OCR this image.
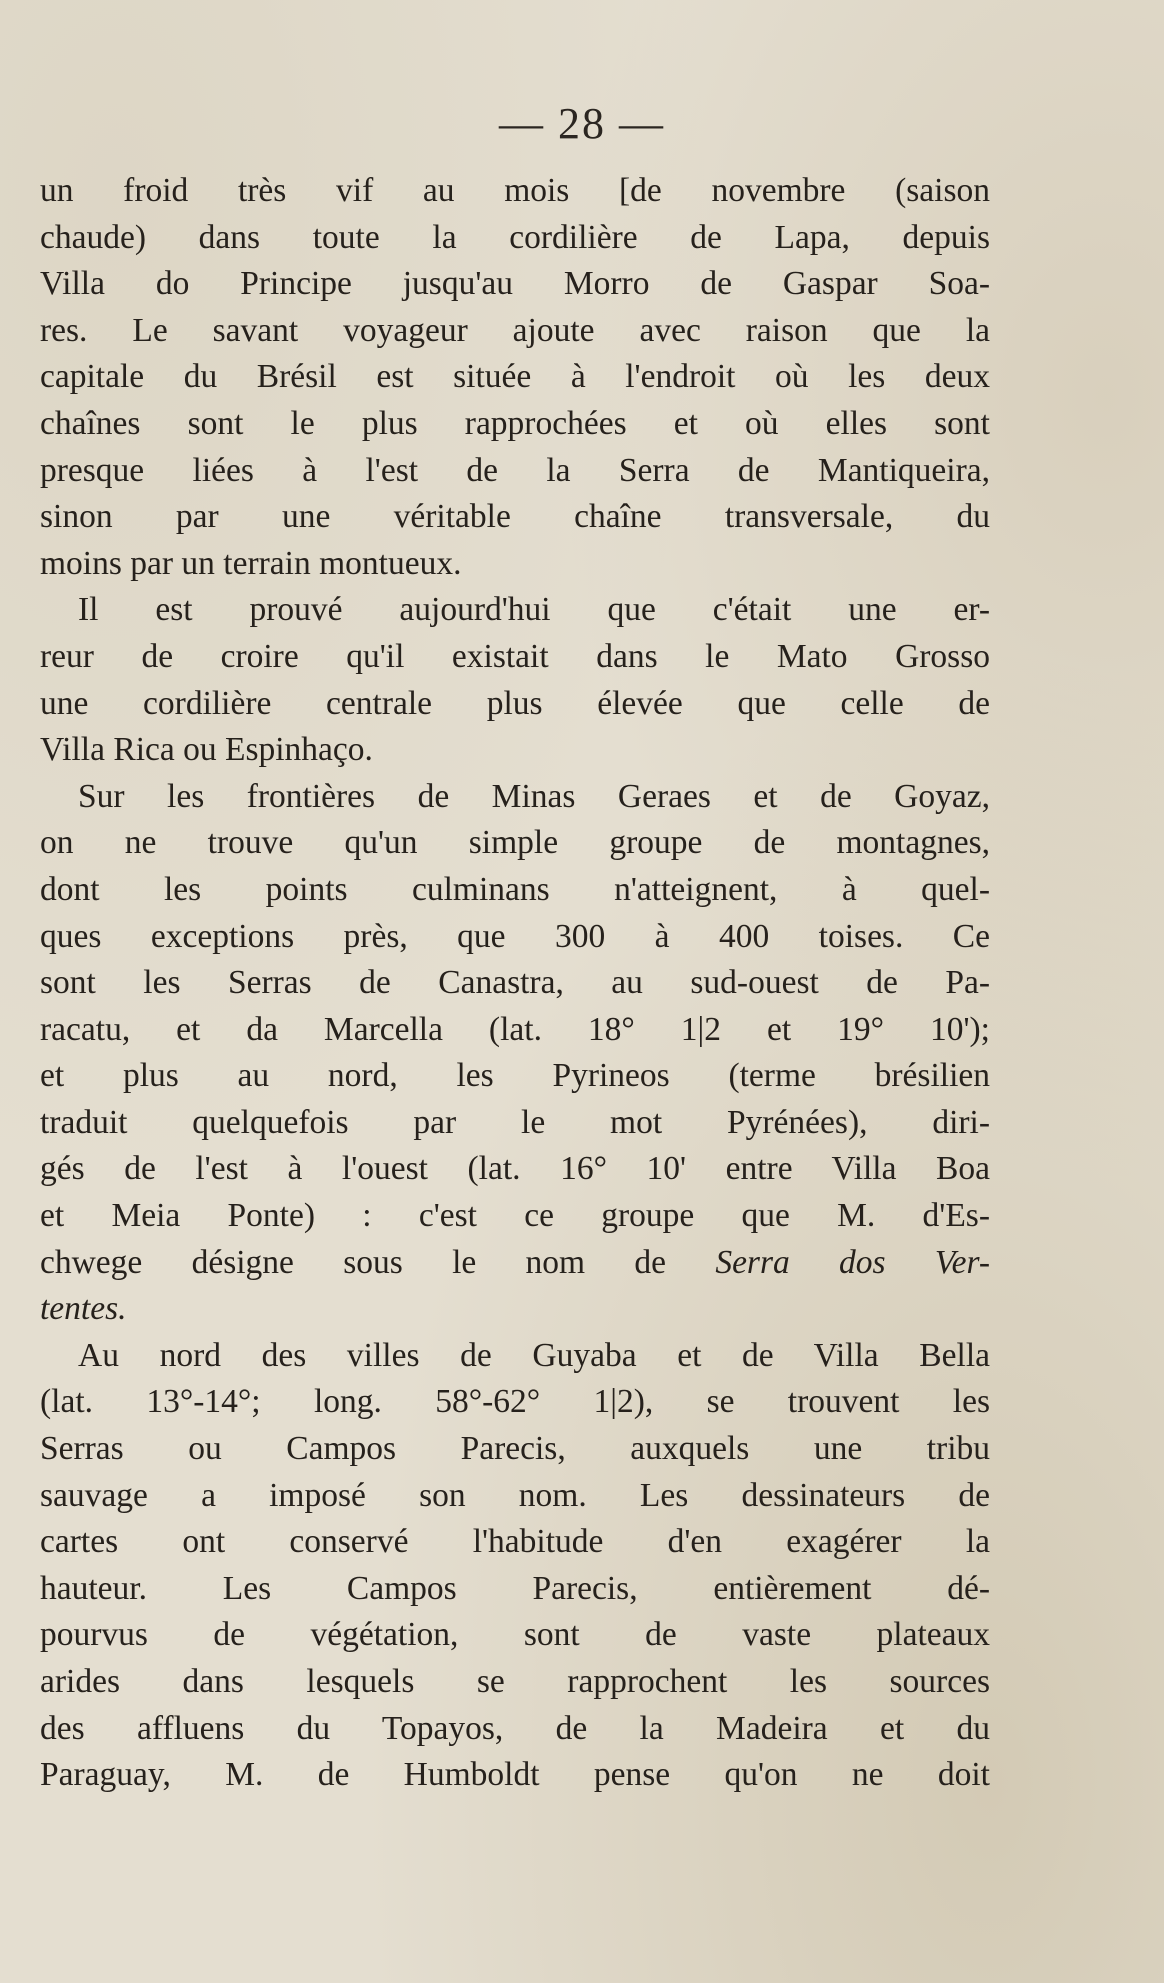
— 28 —
un froid très vif au mois [de novembre (saison
chaude) dans toute la cordilière de Lapa, depuis
Villa do Principe jusqu'au Morro de Gaspar Soa-
res. Le savant voyageur ajoute avec raison que la
capitale du Brésil est située à l'endroit où les deux
chaînes sont le plus rapprochées et où elles sont
presque liées à l'est de la Serra de Mantiqueira,
sinon par une véritable chaîne transversale, du
moins par un terrain montueux.
Il est prouvé aujourd'hui que c'était une er-
reur de croire qu'il existait dans le Mato Grosso
une cordilière centrale plus élevée que celle de
Villa Rica ou Espinhaço.
Sur les frontières de Minas Geraes et de Goyaz,
on ne trouve qu'un simple groupe de montagnes,
dont les points culminans n'atteignent, à quel-
ques exceptions près, que 300 à 400 toises. Ce
sont les Serras de Canastra, au sud-ouest de Pa-
racatu, et da Marcella (lat. 18° 1|2 et 19° 10');
et plus au nord, les Pyrineos (terme brésilien
traduit quelquefois par le mot Pyrénées), diri-
gés de l'est à l'ouest (lat. 16° 10' entre Villa Boa
et Meia Ponte) : c'est ce groupe que M. d'Es-
chwege désigne sous le nom de Serra dos Ver-
tentes.
Au nord des villes de Guyaba et de Villa Bella
(lat. 13°-14°; long. 58°-62° 1|2), se trouvent les
Serras ou Campos Parecis, auxquels une tribu
sauvage a imposé son nom. Les dessinateurs de
cartes ont conservé l'habitude d'en exagérer la
hauteur. Les Campos Parecis, entièrement dé-
pourvus de végétation, sont de vaste plateaux
arides dans lesquels se rapprochent les sources
des affluens du Topayos, de la Madeira et du
Paraguay, M. de Humboldt pense qu'on ne doit
